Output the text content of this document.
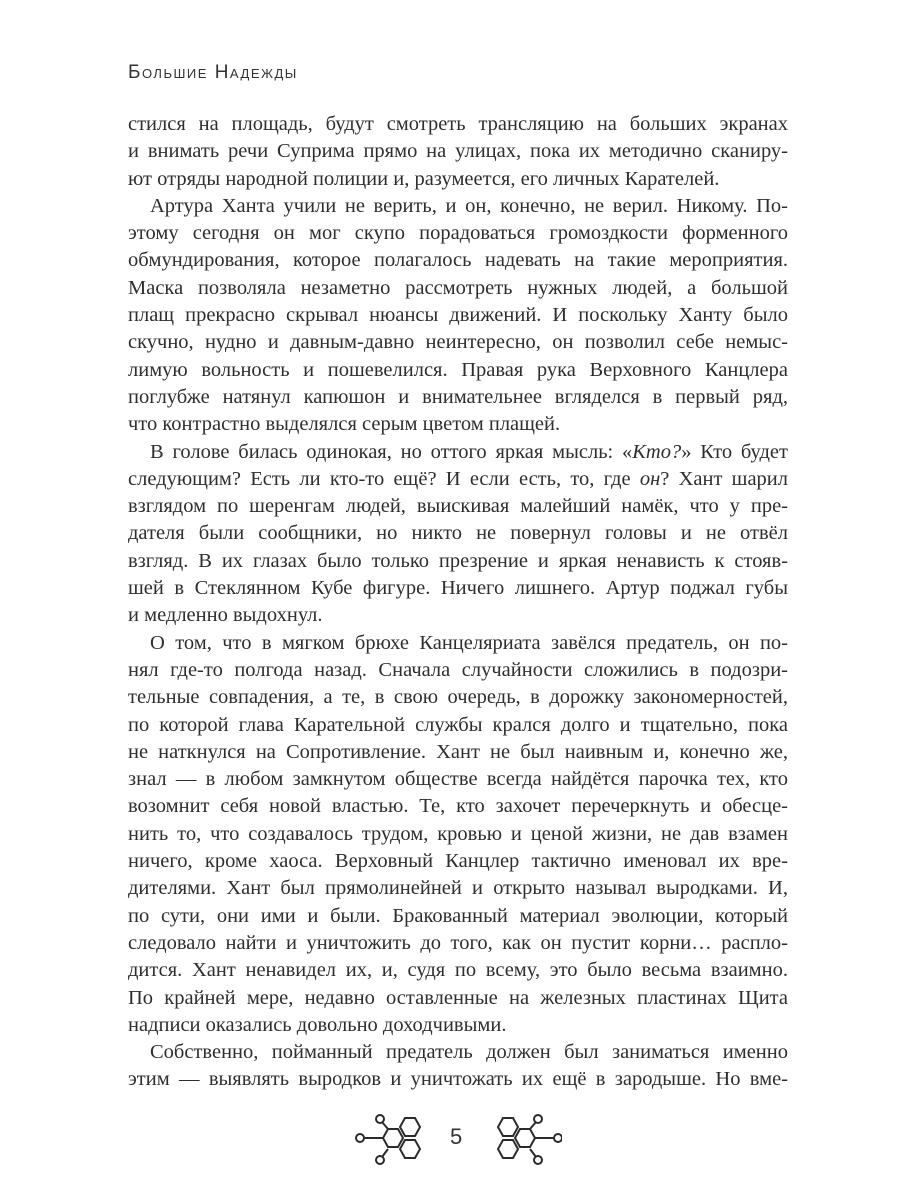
Большие Надежды
стился на площадь, будут смотреть трансляцию на больших экранах
и внимать речи Суприма прямо на улицах, пока их методично сканиру-
ют отряды народной полиции и, разумеется, его личных Карателей.
Артура Ханта учили не верить, и он, конечно, не верил. Никому. По-
этому сегодня он мог скупо порадоваться громоздкости форменного
обмундирования, которое полагалось надевать на такие мероприятия.
Маска позволяла незаметно рассмотреть нужных людей, а большой
плащ прекрасно скрывал нюансы движений. И поскольку Ханту было
скучно, нудно и давным-давно неинтересно, он позволил себе немыс-
лимую вольность и пошевелился. Правая рука Верховного Канцлера
поглубже натянул капюшон и внимательнее вгляделся в первый ряд,
что контрастно выделялся серым цветом плащей.
В голове билась одинокая, но оттого яркая мысль: «Кто?» Кто будет
следующим? Есть ли кто-то ещё? И если есть, то, где он? Хант шарил
взглядом по шеренгам людей, выискивая малейший намёк, что у пре-
дателя были сообщники, но никто не повернул головы и не отвёл
взгляд. В их глазах было только презрение и яркая ненависть к стояв-
шей в Стеклянном Кубе фигуре. Ничего лишнего. Артур поджал губы
и медленно выдохнул.
О том, что в мягком брюхе Канцеляриата завёлся предатель, он по-
нял где-то полгода назад. Сначала случайности сложились в подозри-
тельные совпадения, а те, в свою очередь, в дорожку закономерностей,
по которой глава Карательной службы крался долго и тщательно, пока
не наткнулся на Сопротивление. Хант не был наивным и, конечно же,
знал — в любом замкнутом обществе всегда найдётся парочка тех, кто
возомнит себя новой властью. Те, кто захочет перечеркнуть и обесце-
нить то, что создавалось трудом, кровью и ценой жизни, не дав взамен
ничего, кроме хаоса. Верховный Канцлер тактично именовал их вре-
дителями. Хант был прямолинейней и открыто называл выродками. И,
по сути, они ими и были. Бракованный материал эволюции, который
следовало найти и уничтожить до того, как он пустит корни… распло-
дится. Хант ненавидел их, и, судя по всему, это было весьма взаимно.
По крайней мере, недавно оставленные на железных пластинах Щита
надписи оказались довольно доходчивыми.
Собственно, пойманный предатель должен был заниматься именно
этим — выявлять выродков и уничтожать их ещё в зародыше. Но вме-
5
